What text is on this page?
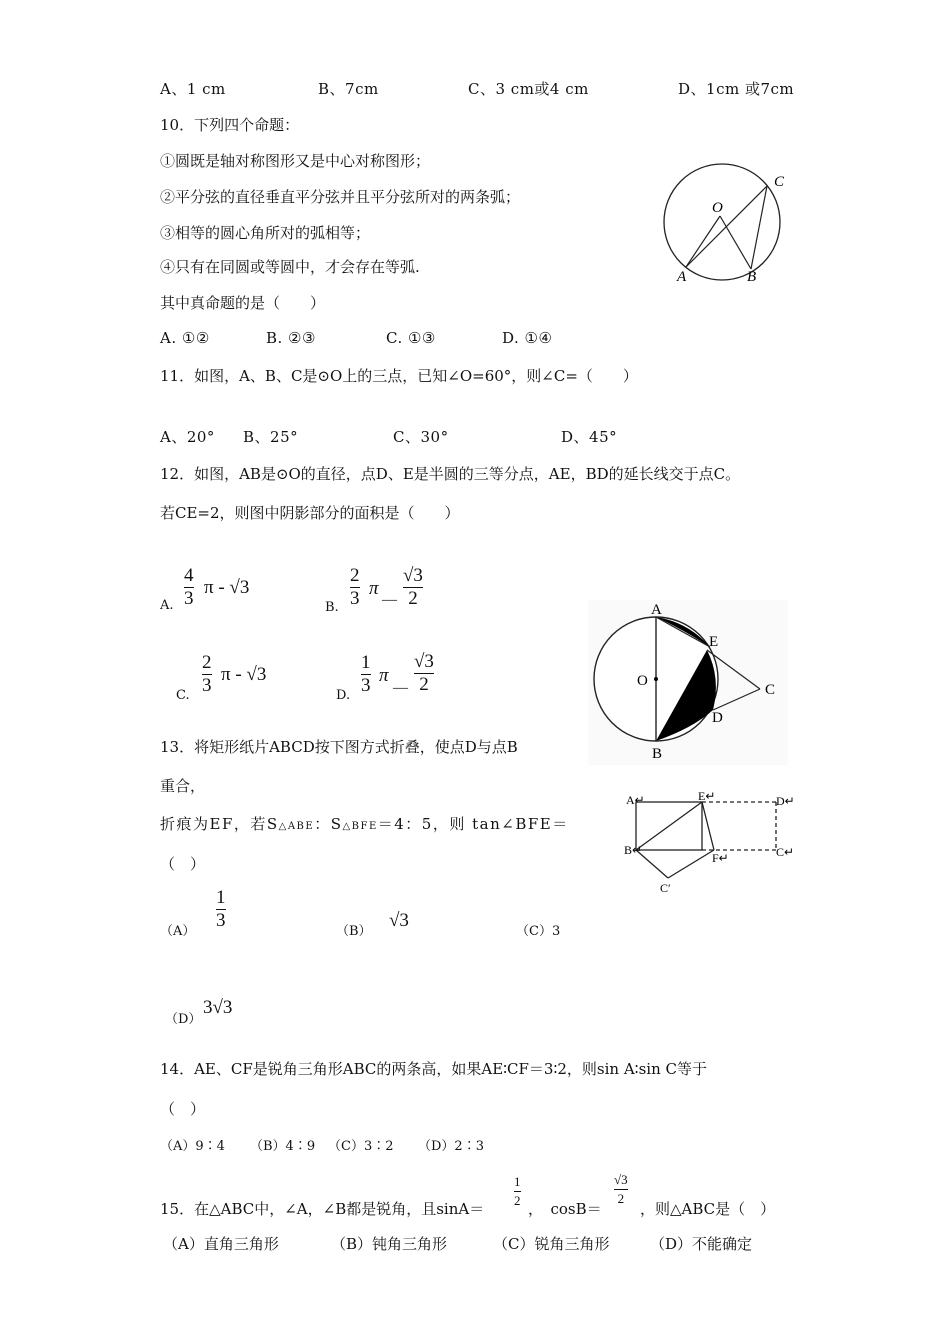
A、1 cm	B、7cm	C、3 cm或4 cm	D、1cm 或7cm
10．下列四个命题：
①圆既是轴对称图形又是中心对称图形；
②平分弦的直径垂直平分弦并且平分弦所对的两条弧；
③相等的圆心角所对的弧相等；
④只有在同圆或等圆中，才会存在等弧.
其中真命题的是（　　）
A. ①②	B. ②③	C. ①③	D. ①④
O
A	B
C
11．如图，A、B、C是⊙O上的三点，已知∠O=60°，则∠C=（　　）
A、20° B、25°	C、30°	D、45°
12．如图，AB是⊙O的直径，点D、E是半圆的三等分点，AE，BD的延长线交于点C。
若CE=2，则图中阴影部分的面积是（　　）
A.
4
3
π - √3
B.
2
3 π
—
√3
2
C.
2
3
π - √3
D.
1
3 π
—
√3
2
A
E
O
C
D
B
13．将矩形纸片ABCD按下图方式折叠，使点D与点B
重合，
折痕为EF，若S△ABE：S△BFE＝4：5，则 tan∠BFE＝
（　）
（A）
1
3
（B）
√3
（C）3
（D）
3√3
A↵	E↵	D↵
B↵
F↵	C↵
C′
14．AE、CF是锐角三角形ABC的两条高，如果AE∶CF＝3∶2，则sin A∶sin C等于
（　）
（A）9∶4 （B）4∶9 （C）3∶2 （D）2∶3
15．在△ABC中，∠A，∠B都是锐角，且sinA＝
1
2 ，　cosB＝
√3
2
，则△ABC是（　）
（A）直角三角形	（B）钝角三角形	（C）锐角三角形	（D）不能确定
